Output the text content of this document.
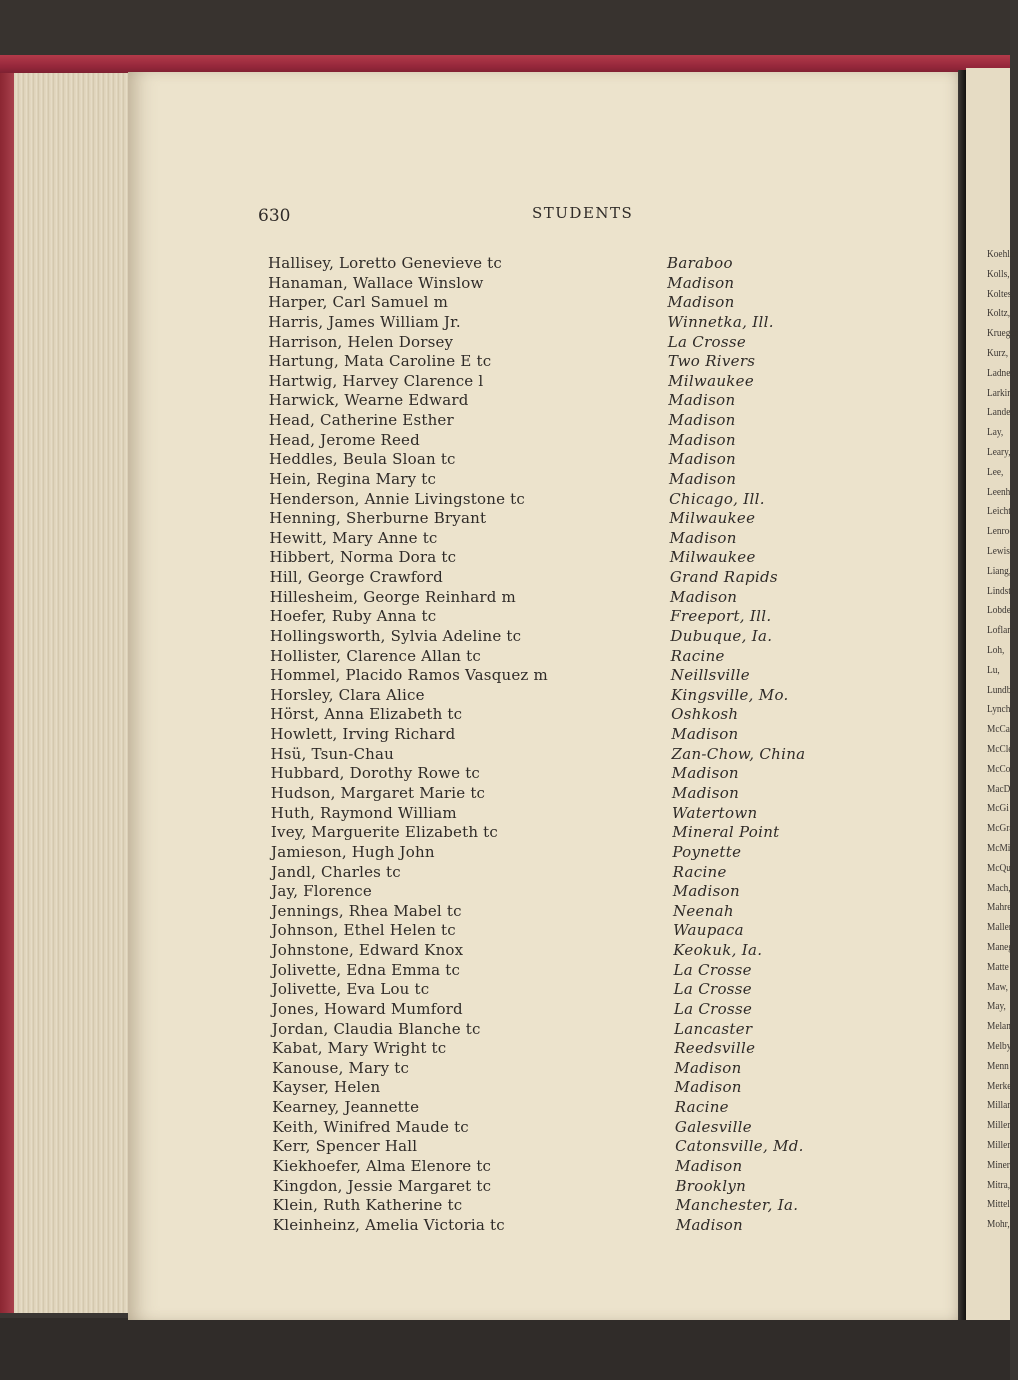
Koehler
Kolls,
Koltes,
Koltz,
Krueger
Kurz,
Ladner,
Larkin,
Lander,
Lay,
Leary,
Lee,
Leenho
Leicht,
Lenroo
Lewis,
Liang,
Lindstr
Lobdell
Lofland
Loh,
Lu,
Lundbe
Lynch,
McCar
McCle
McCor
MacD
McGi
McGra
McMill
McQui
Mach,
Mahre
Maller
Maneg
Matte
Maw,
May,
Melan
Melby
Menn
Merke
Millar
Miller
Miller
Miner,
Mitra,
Mittel
Mohr,
630	STUDENTS
Hallisey, Loretto Genevieve tc	Baraboo
Hanaman, Wallace Winslow	Madison
Harper, Carl Samuel m	Madison
Harris, James William Jr.	Winnetka, Ill.
Harrison, Helen Dorsey	La Crosse
Hartung, Mata Caroline E tc	Two Rivers
Hartwig, Harvey Clarence l	Milwaukee
Harwick, Wearne Edward	Madison
Head, Catherine Esther	Madison
Head, Jerome Reed	Madison
Heddles, Beula Sloan tc	Madison
Hein, Regina Mary tc	Madison
Henderson, Annie Livingstone tc	Chicago, Ill.
Henning, Sherburne Bryant	Milwaukee
Hewitt, Mary Anne tc	Madison
Hibbert, Norma Dora tc	Milwaukee
Hill, George Crawford	Grand Rapids
Hillesheim, George Reinhard m	Madison
Hoefer, Ruby Anna tc	Freeport, Ill.
Hollingsworth, Sylvia Adeline tc	Dubuque, Ia.
Hollister, Clarence Allan tc	Racine
Hommel, Placido Ramos Vasquez m	Neillsville
Horsley, Clara Alice	Kingsville, Mo.
Hörst, Anna Elizabeth tc	Oshkosh
Howlett, Irving Richard	Madison
Hsü, Tsun-Chau	Zan-Chow, China
Hubbard, Dorothy Rowe tc	Madison
Hudson, Margaret Marie tc	Madison
Huth, Raymond William	Watertown
Ivey, Marguerite Elizabeth tc	Mineral Point
Jamieson, Hugh John	Poynette
Jandl, Charles tc	Racine
Jay, Florence	Madison
Jennings, Rhea Mabel tc	Neenah
Johnson, Ethel Helen tc	Waupaca
Johnstone, Edward Knox	Keokuk, Ia.
Jolivette, Edna Emma tc	La Crosse
Jolivette, Eva Lou tc	La Crosse
Jones, Howard Mumford	La Crosse
Jordan, Claudia Blanche tc	Lancaster
Kabat, Mary Wright tc	Reedsville
Kanouse, Mary tc	Madison
Kayser, Helen	Madison
Kearney, Jeannette	Racine
Keith, Winifred Maude tc	Galesville
Kerr, Spencer Hall	Catonsville, Md.
Kiekhoefer, Alma Elenore tc	Madison
Kingdon, Jessie Margaret tc	Brooklyn
Klein, Ruth Katherine tc	Manchester, Ia.
Kleinheinz, Amelia Victoria tc	Madison
